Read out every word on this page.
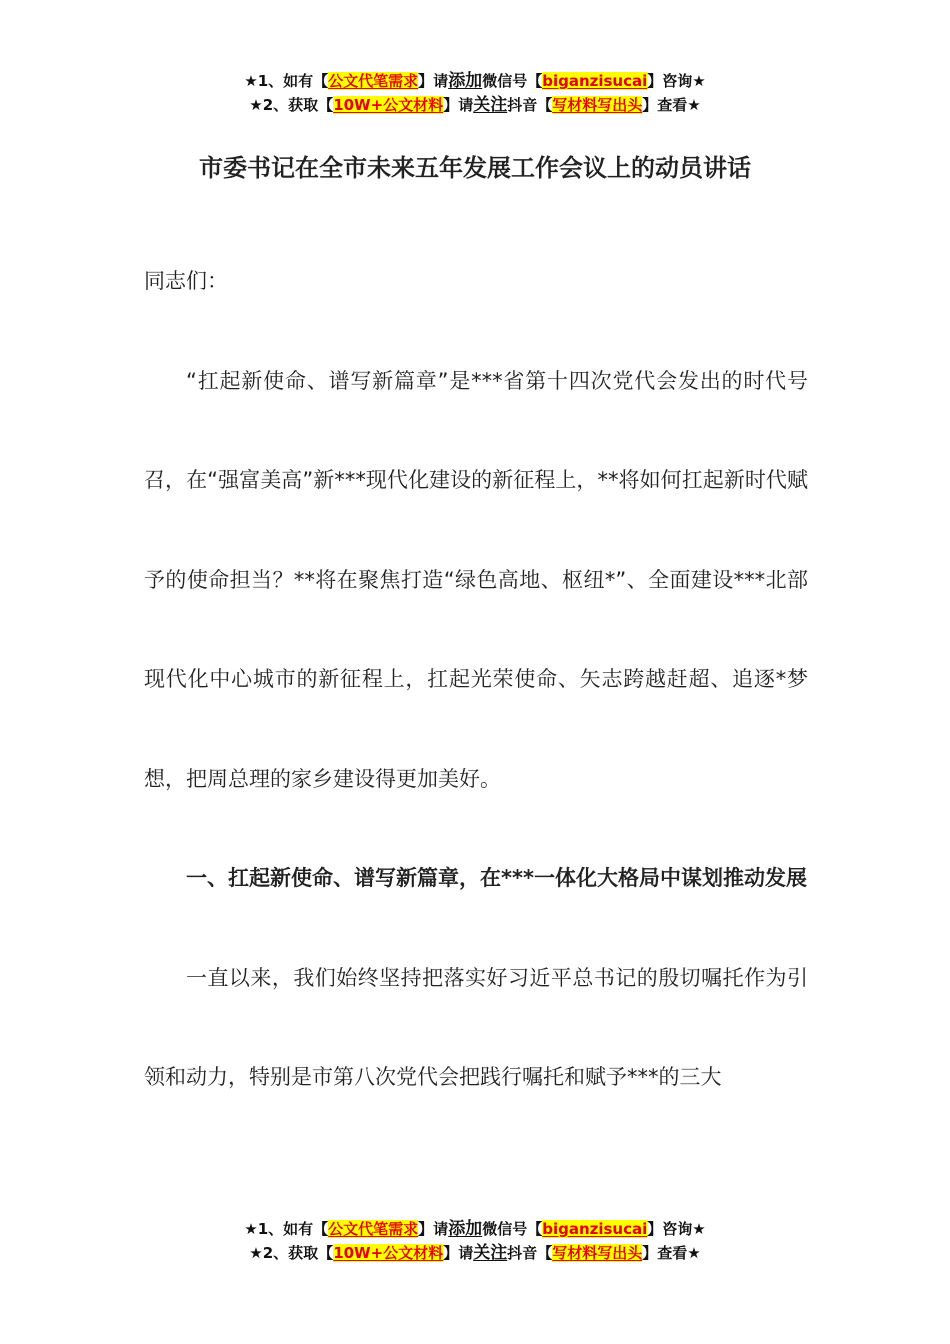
★1、如有【公文代笔需求】请添加微信号【biganzisucai】咨询★
★2、获取【10W+公文材料】请关注抖音【写材料写出头】查看★
市委书记在全市未来五年发展工作会议上的动员讲话

同志们：

“扛起新使命、谱写新篇章”是***省第十四次党代会发出的时代号召，在“强富美高”新***现代化建设的新征程上，**将如何扛起新时代赋予的使命担当？**将在聚焦打造“绿色高地、枢纽*”、全面建设***北部现代化中心城市的新征程上，扛起光荣使命、矢志跨越赶超、追逐*梦想，把周总理的家乡建设得更加美好。

一、扛起新使命、谱写新篇章，在***一体化大格局中谋划推动发展

一直以来，我们始终坚持把落实好习近平总书记的殷切嘱托作为引领和动力，特别是市第八次党代会把践行嘱托和赋予***的三大

★1、如有【公文代笔需求】请添加微信号【biganzisucai】咨询★
★2、获取【10W+公文材料】请关注抖音【写材料写出头】查看★
